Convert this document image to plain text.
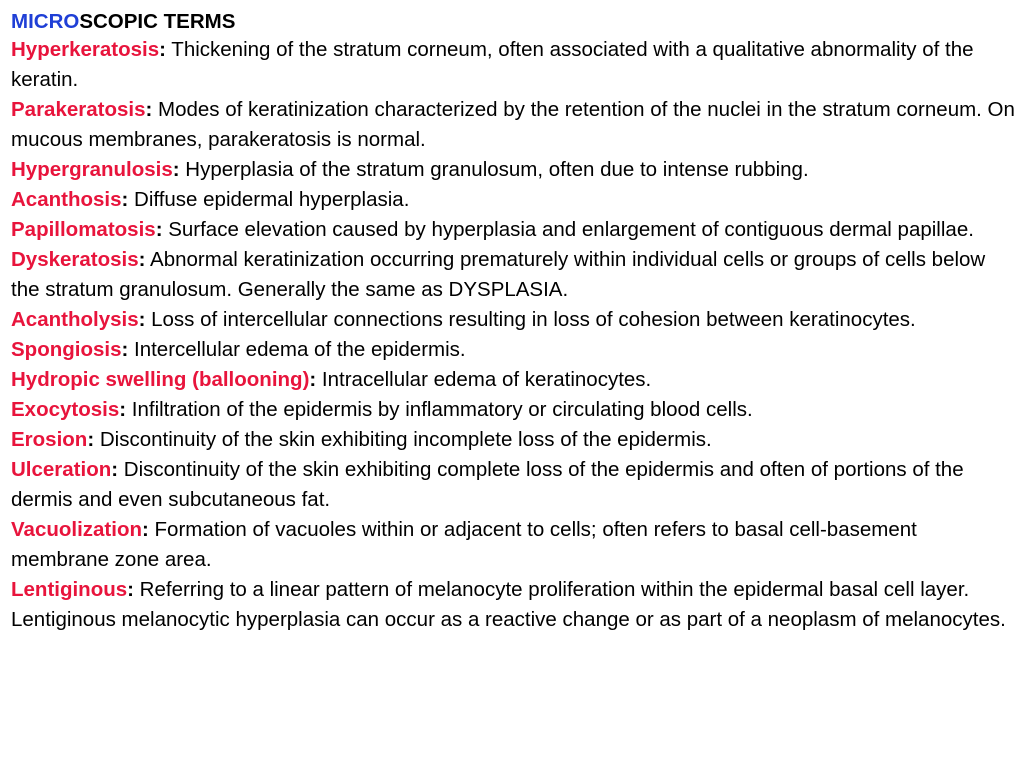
MICROSCOPIC TERMS
Hyperkeratosis: Thickening of the stratum corneum, often associated with a qualitative abnormality of the keratin.
Parakeratosis: Modes of keratinization characterized by the retention of the nuclei in the stratum corneum. On mucous membranes, parakeratosis is normal.
Hypergranulosis: Hyperplasia of the stratum granulosum, often due to intense rubbing.
Acanthosis: Diffuse epidermal hyperplasia.
Papillomatosis: Surface elevation caused by hyperplasia and enlargement of contiguous dermal papillae.
Dyskeratosis: Abnormal keratinization occurring prematurely within individual cells or groups of cells below the stratum granulosum. Generally the same as DYSPLASIA.
Acantholysis: Loss of intercellular connections resulting in loss of cohesion between keratinocytes.
Spongiosis: Intercellular edema of the epidermis.
Hydropic swelling (ballooning): Intracellular edema of keratinocytes.
Exocytosis: Infiltration of the epidermis by inflammatory or circulating blood cells.
Erosion: Discontinuity of the skin exhibiting incomplete loss of the epidermis.
Ulceration: Discontinuity of the skin exhibiting complete loss of the epidermis and often of portions of the dermis and even subcutaneous fat.
Vacuolization: Formation of vacuoles within or adjacent to cells; often refers to basal cell-basement membrane zone area.
Lentiginous: Referring to a linear pattern of melanocyte proliferation within the epidermal basal cell layer. Lentiginous melanocytic hyperplasia can occur as a reactive change or as part of a neoplasm of melanocytes.
